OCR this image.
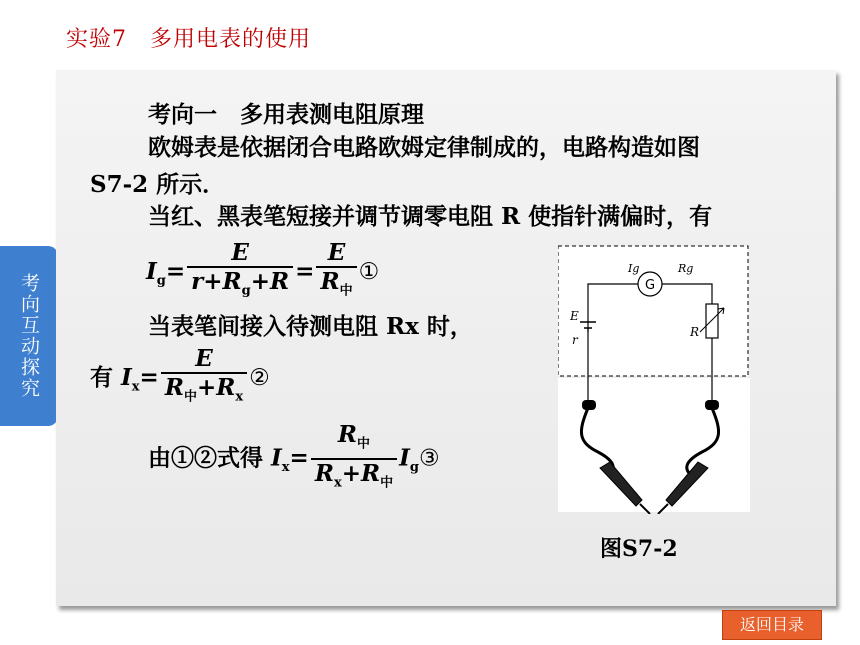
实验7　多用电表的使用
考向互动探究
考向一　多用表测电阻原理
欧姆表是依据闭合电路欧姆定律制成的，电路构造如图
S7-2 所示．
当红、黑表笔短接并调节调零电阻 R 使指针满偏时，有
$I_g= \frac{E}{r+R_g+R} = \frac{E}{R_中}$ ①
当表笔间接入待测电阻 Rx 时，
有 $I_x= \frac{E}{R_中+R_x}$ ②
由①②式得 $I_x= \frac{R_中}{R_x+R_中}$ $I_g③$
G
Ig	Rg
E
r
R
图S7-2
返回目录
